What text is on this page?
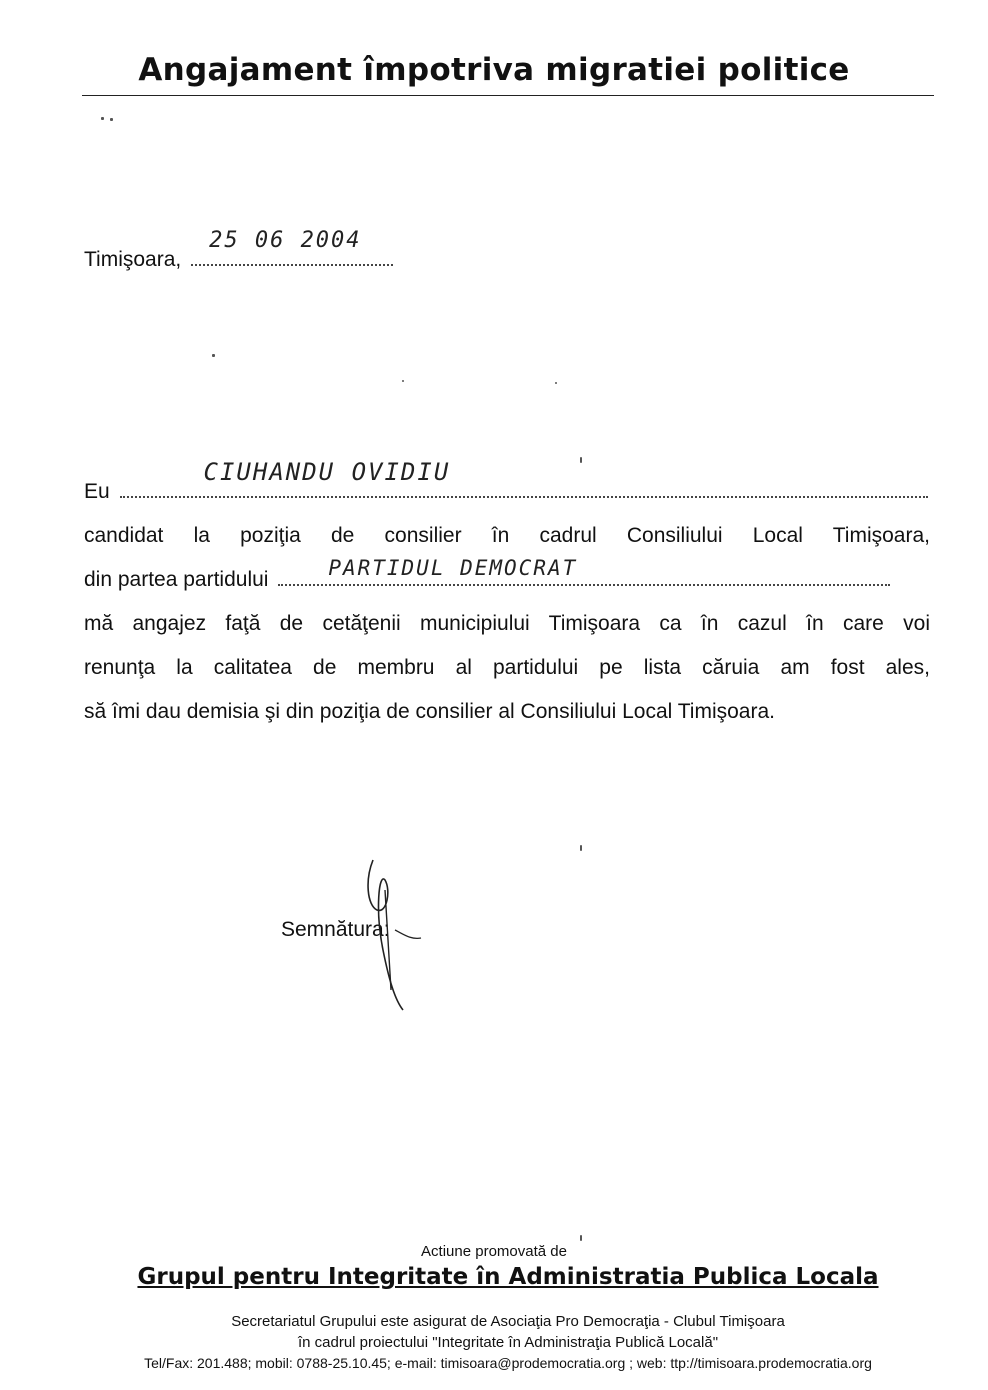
Angajament împotriva migratiei politice
Timişoara,
25 06 2004
Eu
CIUHANDU OVIDIU

candidat la poziţia de consilier în cadrul Consiliului Local Timişoara,

din partea partidului	PARTIDUL DEMOCRAT

mă angajez faţă de cetăţenii municipiului Timişoara ca în cazul în care voi

renunţa la calitatea de membru al partidului pe lista căruia am fost ales,

să îmi dau demisia şi din poziţia de consilier al Consiliului Local Timişoara.

Semnătura:
Actiune promovată de
Grupul pentru Integritate în Administratia Publica Locala
Secretariatul Grupului este asigurat de Asociaţia Pro Democraţia - Clubul Timişoara
în cadrul proiectului "Integritate în Administraţia Publică Locală"
Tel/Fax: 201.488; mobil: 0788-25.10.45; e-mail: timisoara@prodemocratia.org ; web: ttp://timisoara.prodemocratia.org
